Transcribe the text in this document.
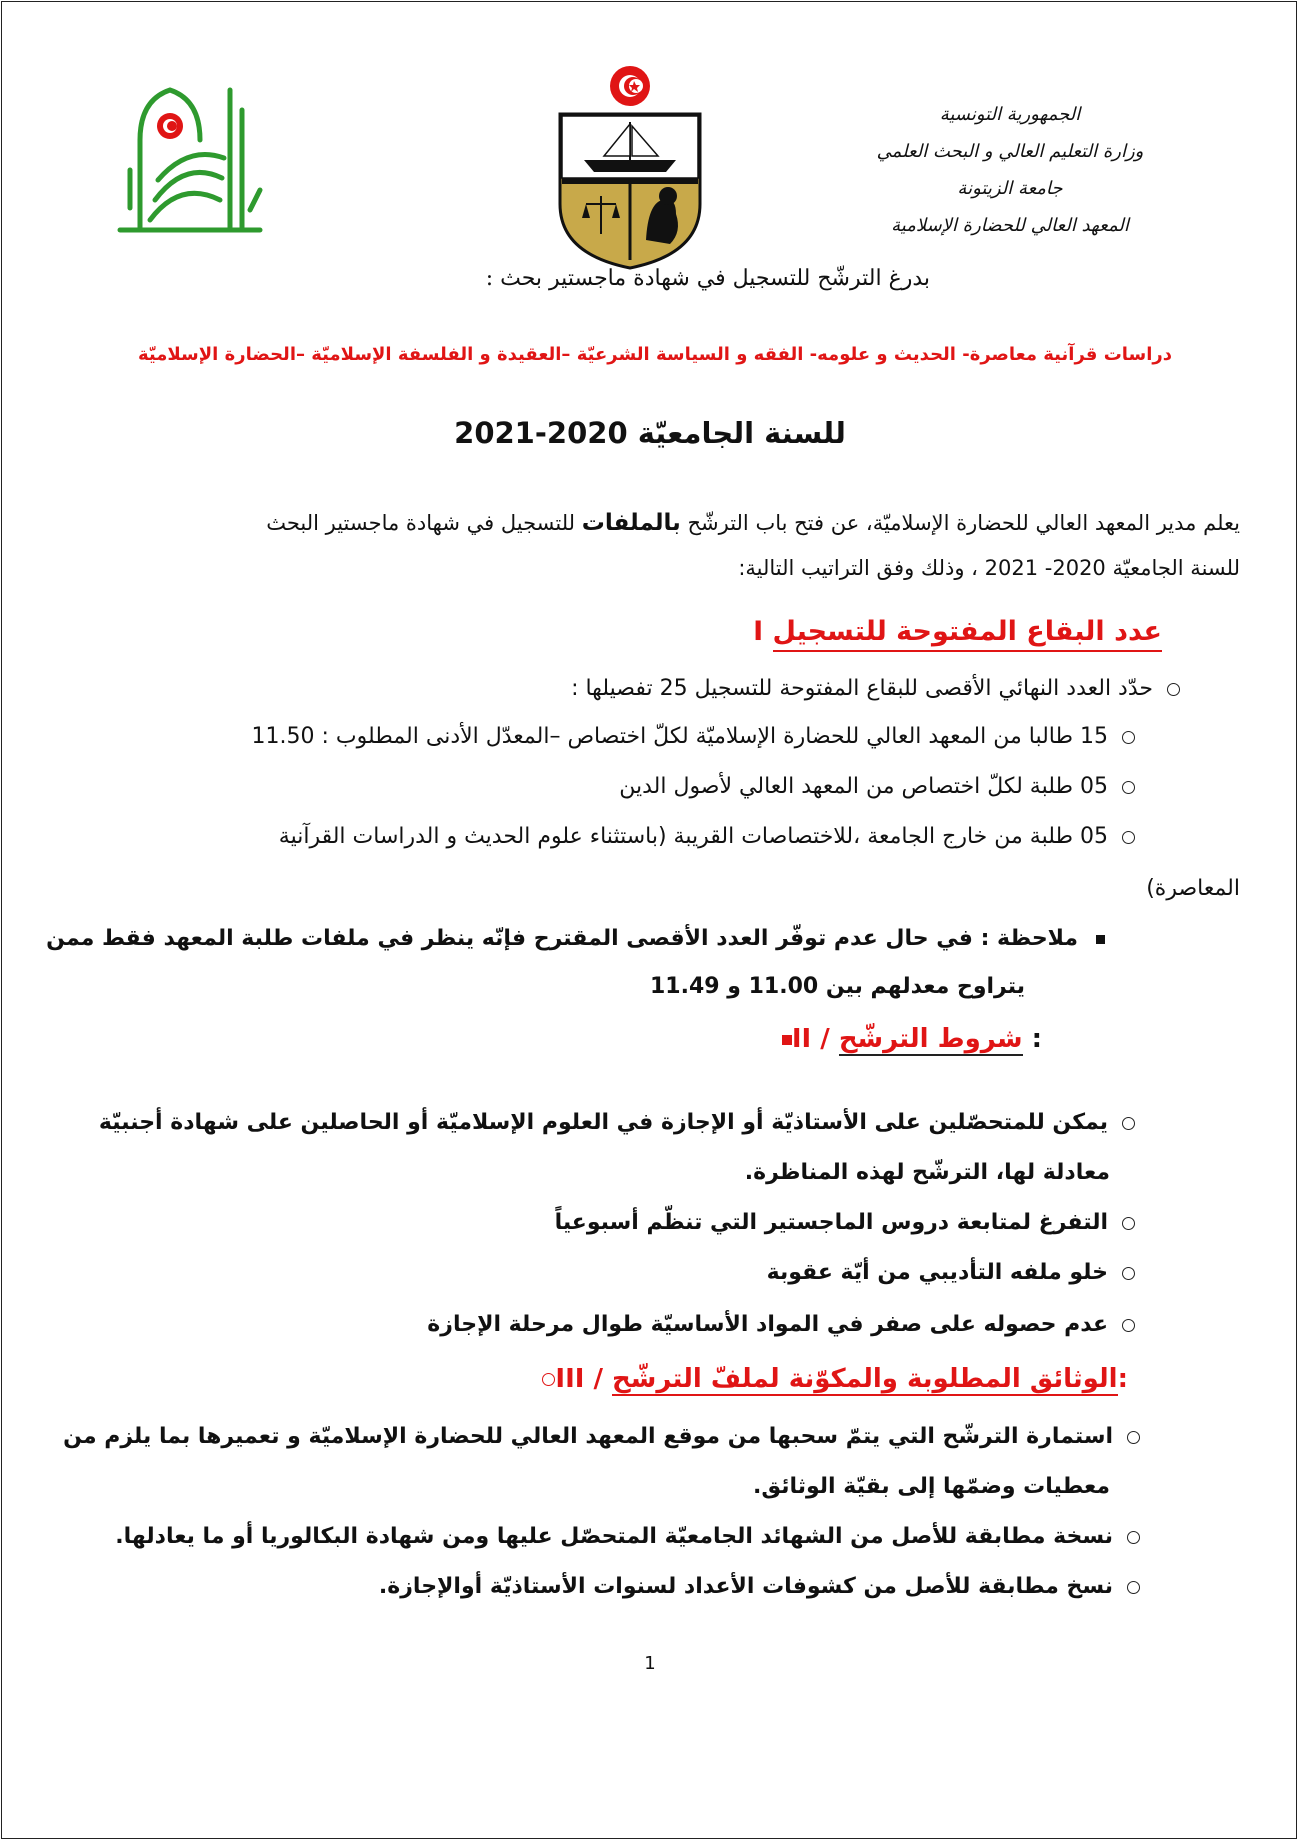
الجمهورية التونسية
وزارة التعليم العالي و البحث العلمي
جامعة الزيتونة
المعهد العالي للحضارة الإسلامية
بدرغ الترشّح للتسجيل في شهادة ماجستير بحث :
دراسات قرآنية معاصرة- الحديث و علومه- الفقه و السياسة الشرعيّة –العقيدة و الفلسفة الإسلاميّة –الحضارة الإسلاميّة
للسنة الجامعيّة 2020-2021
يعلم مدير المعهد العالي للحضارة الإسلاميّة، عن فتح باب الترشّح بالملفات للتسجيل في شهادة ماجستير البحث
للسنة الجامعيّة 2020- 2021 ، وذلك وفق التراتيب التالية:
I عدد البقاع المفتوحة للتسجيل
حدّد العدد النهائي الأقصى للبقاع المفتوحة للتسجيل 25 تفصيلها :
15 طالبا من المعهد العالي للحضارة الإسلاميّة لكلّ اختصاص –المعدّل الأدنى المطلوب : 11.50
05 طلبة لكلّ اختصاص من المعهد العالي لأصول الدين
05 طلبة من خارج الجامعة ،للاختصاصات القريبة (باستثناء علوم الحديث و الدراسات القرآنية
المعاصرة)
ملاحظة : في حال عدم توفّر العدد الأقصى المقترح فإنّه ينظر في ملفات طلبة المعهد فقط ممن
يتراوح معدلهم بين 11.00 و 11.49
II / شروط الترشّح :
يمكن للمتحصّلين على الأستاذيّة أو الإجازة في العلوم الإسلاميّة أو الحاصلين على شهادة أجنبيّة
معادلة لها، الترشّح لهذه المناظرة.
التفرغ لمتابعة دروس الماجستير التي تنظّم أسبوعياً
خلو ملفه التأديبي من أيّة عقوبة
عدم حصوله على صفر في المواد الأساسيّة طوال مرحلة الإجازة
III / الوثائق المطلوبة والمكوّنة لملفّ الترشّح:
استمارة الترشّح التي يتمّ سحبها من موقع المعهد العالي للحضارة الإسلاميّة و تعميرها بما يلزم من
معطيات وضمّها إلى بقيّة الوثائق.
نسخة مطابقة للأصل من الشهائد الجامعيّة المتحصّل عليها ومن شهادة البكالوريا أو ما يعادلها.
نسخ مطابقة للأصل من كشوفات الأعداد لسنوات الأستاذيّة أوالإجازة.
1
